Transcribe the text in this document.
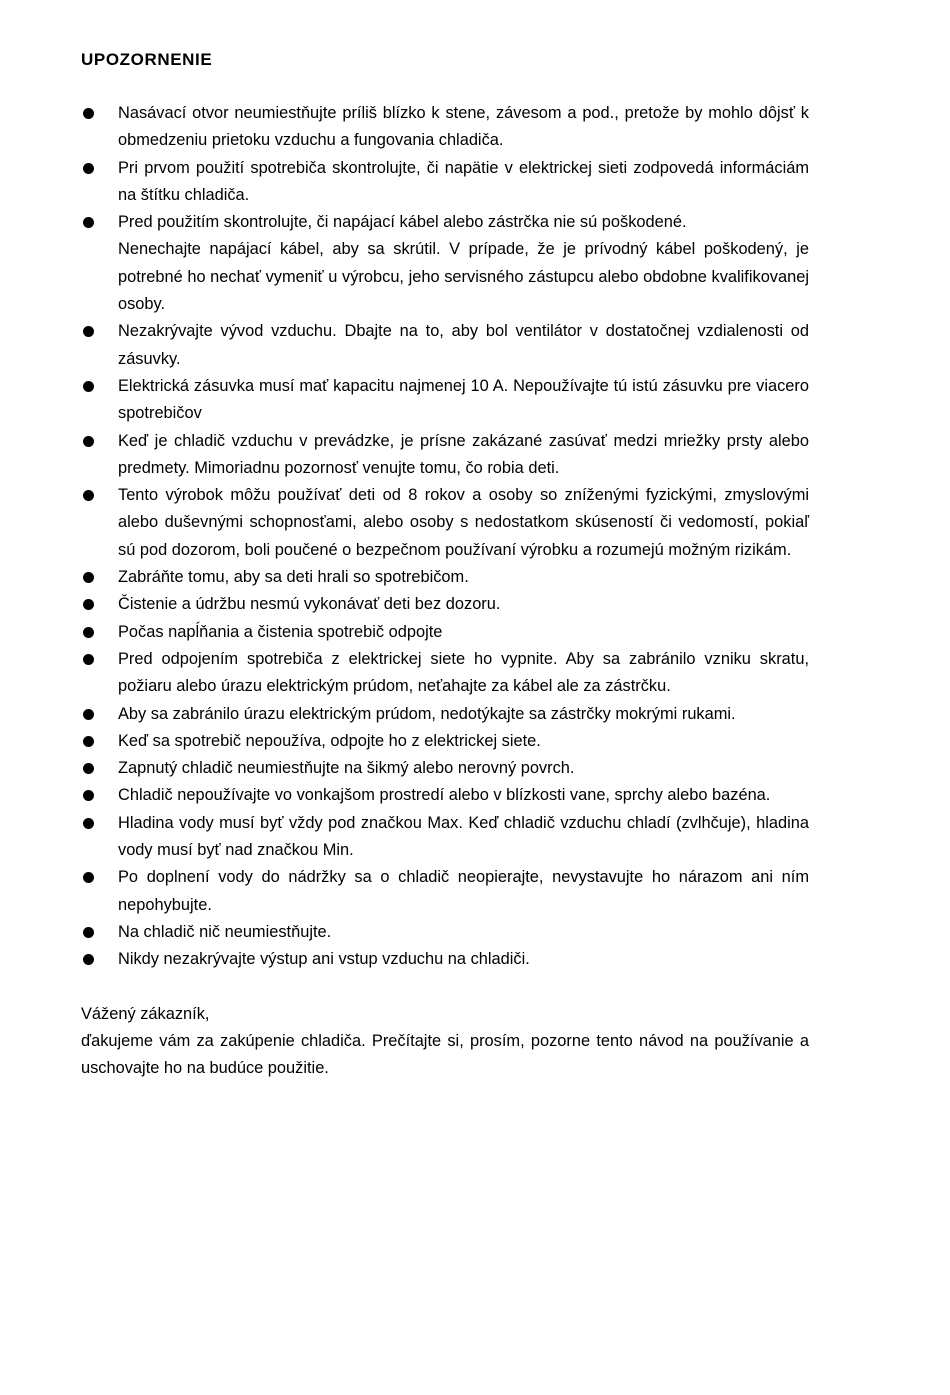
UPOZORNENIE
Nasávací otvor neumiestňujte príliš blízko k stene, závesom a pod., pretože by mohlo dôjsť k obmedzeniu prietoku vzduchu a fungovania chladiča.
Pri prvom použití spotrebiča skontrolujte, či napätie v elektrickej sieti zodpovedá informáciám na štítku chladiča.
Pred použitím skontrolujte, či napájací kábel alebo zástrčka nie sú poškodené.
Nenechajte napájací kábel, aby sa skrútil. V prípade, že je prívodný kábel poškodený, je potrebné ho nechať vymeniť u výrobcu, jeho servisného zástupcu alebo obdobne kvalifikovanej osoby.
Nezakrývajte vývod vzduchu. Dbajte na to, aby bol ventilátor v dostatočnej vzdialenosti od zásuvky.
Elektrická zásuvka musí mať kapacitu najmenej 10 A. Nepoužívajte tú istú zásuvku pre viacero spotrebičov
Keď je chladič vzduchu v prevádzke, je prísne zakázané zasúvať medzi mriežky prsty alebo predmety. Mimoriadnu pozornosť venujte tomu, čo robia deti.
Tento výrobok môžu používať deti od 8 rokov a osoby so zníženými fyzickými, zmyslovými alebo duševnými schopnosťami, alebo osoby s nedostatkom skúseností či vedomostí, pokiaľ sú pod dozorom, boli poučené o bezpečnom používaní výrobku a rozumejú možným rizikám.
Zabráňte tomu, aby sa deti hrali so spotrebičom.
Čistenie a údržbu nesmú vykonávať deti bez dozoru.
Počas napĺňania a čistenia spotrebič odpojte
Pred odpojením spotrebiča z elektrickej siete ho vypnite. Aby sa zabránilo vzniku skratu, požiaru alebo úrazu elektrickým prúdom, neťahajte za kábel ale za zástrčku.
Aby sa zabránilo úrazu elektrickým prúdom, nedotýkajte sa zástrčky mokrými rukami.
Keď sa spotrebič nepoužíva, odpojte ho z elektrickej siete.
Zapnutý chladič neumiestňujte na šikmý alebo nerovný povrch.
Chladič nepoužívajte vo vonkajšom prostredí alebo v blízkosti vane, sprchy alebo bazéna.
Hladina vody musí byť vždy pod značkou Max. Keď chladič vzduchu chladí (zvlhčuje), hladina vody musí byť nad značkou Min.
Po doplnení vody do nádržky sa o chladič neopierajte, nevystavujte ho nárazom ani ním nepohybujte.
Na chladič nič neumiestňujte.
Nikdy nezakrývajte výstup ani vstup vzduchu na chladiči.

Vážený zákazník,

ďakujeme vám za zakúpenie chladiča. Prečítajte si, prosím, pozorne tento návod na používanie a uschovajte ho na budúce použitie.
